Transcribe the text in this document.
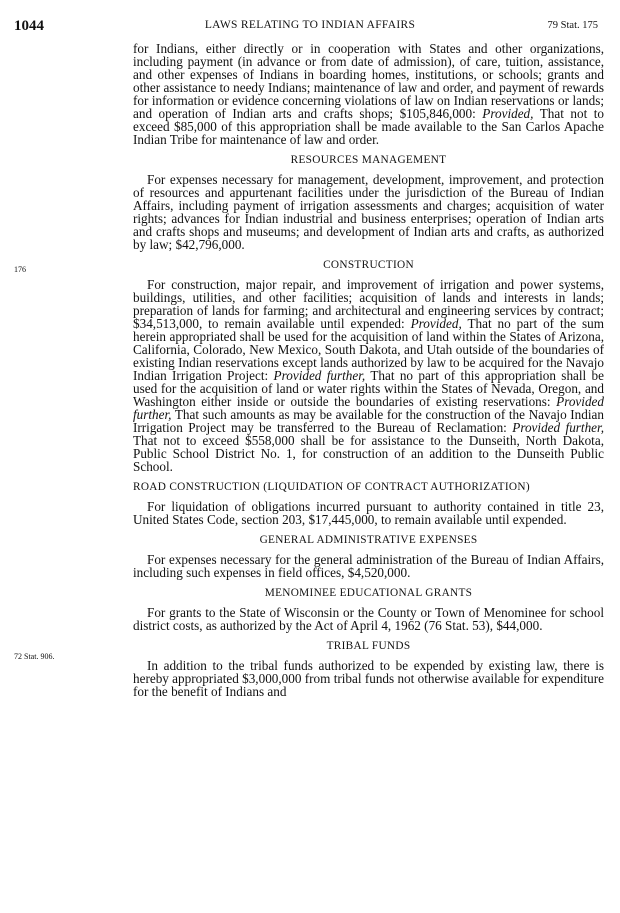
1044	LAWS RELATING TO INDIAN AFFAIRS	79 Stat. 175
176
72 Stat. 906.

for Indians, either directly or in cooperation with States and other organizations, including payment (in advance or from date of admission), of care, tuition, assistance, and other expenses of Indians in boarding homes, institutions, or schools; grants and other assistance to needy Indians; maintenance of law and order, and payment of rewards for information or evidence concerning violations of law on Indian reservations or lands; and operation of Indian arts and crafts shops; $105,846,000: Provided, That not to exceed $85,000 of this appropriation shall be made available to the San Carlos Apache Indian Tribe for maintenance of law and order.

RESOURCES MANAGEMENT

For expenses necessary for management, development, improvement, and protection of resources and appurtenant facilities under the jurisdiction of the Bureau of Indian Affairs, including payment of irrigation assessments and charges; acquisition of water rights; advances for Indian industrial and business enterprises; operation of Indian arts and crafts shops and museums; and development of Indian arts and crafts, as authorized by law; $42,796,000.

CONSTRUCTION

For construction, major repair, and improvement of irrigation and power systems, buildings, utilities, and other facilities; acquisition of lands and interests in lands; preparation of lands for farming; and architectural and engineering services by contract; $34,513,000, to remain available until expended: Provided, That no part of the sum herein appropriated shall be used for the acquisition of land within the States of Arizona, California, Colorado, New Mexico, South Dakota, and Utah outside of the boundaries of existing Indian reservations except lands authorized by law to be acquired for the Navajo Indian Irrigation Project: Provided further, That no part of this appropriation shall be used for the acquisition of land or water rights within the States of Nevada, Oregon, and Washington either inside or outside the boundaries of existing reservations: Provided further, That such amounts as may be available for the construction of the Navajo Indian Irrigation Project may be transferred to the Bureau of Reclamation: Provided further, That not to exceed $558,000 shall be for assistance to the Dunseith, North Dakota, Public School District No. 1, for construction of an addition to the Dunseith Public School.

ROAD CONSTRUCTION (LIQUIDATION OF CONTRACT AUTHORIZATION)

For liquidation of obligations incurred pursuant to authority contained in title 23, United States Code, section 203, $17,445,000, to remain available until expended.

GENERAL ADMINISTRATIVE EXPENSES

For expenses necessary for the general administration of the Bureau of Indian Affairs, including such expenses in field offices, $4,520,000.

MENOMINEE EDUCATIONAL GRANTS

For grants to the State of Wisconsin or the County or Town of Menominee for school district costs, as authorized by the Act of April 4, 1962 (76 Stat. 53), $44,000.

TRIBAL FUNDS

In addition to the tribal funds authorized to be expended by existing law, there is hereby appropriated $3,000,000 from tribal funds not otherwise available for expenditure for the benefit of Indians and
